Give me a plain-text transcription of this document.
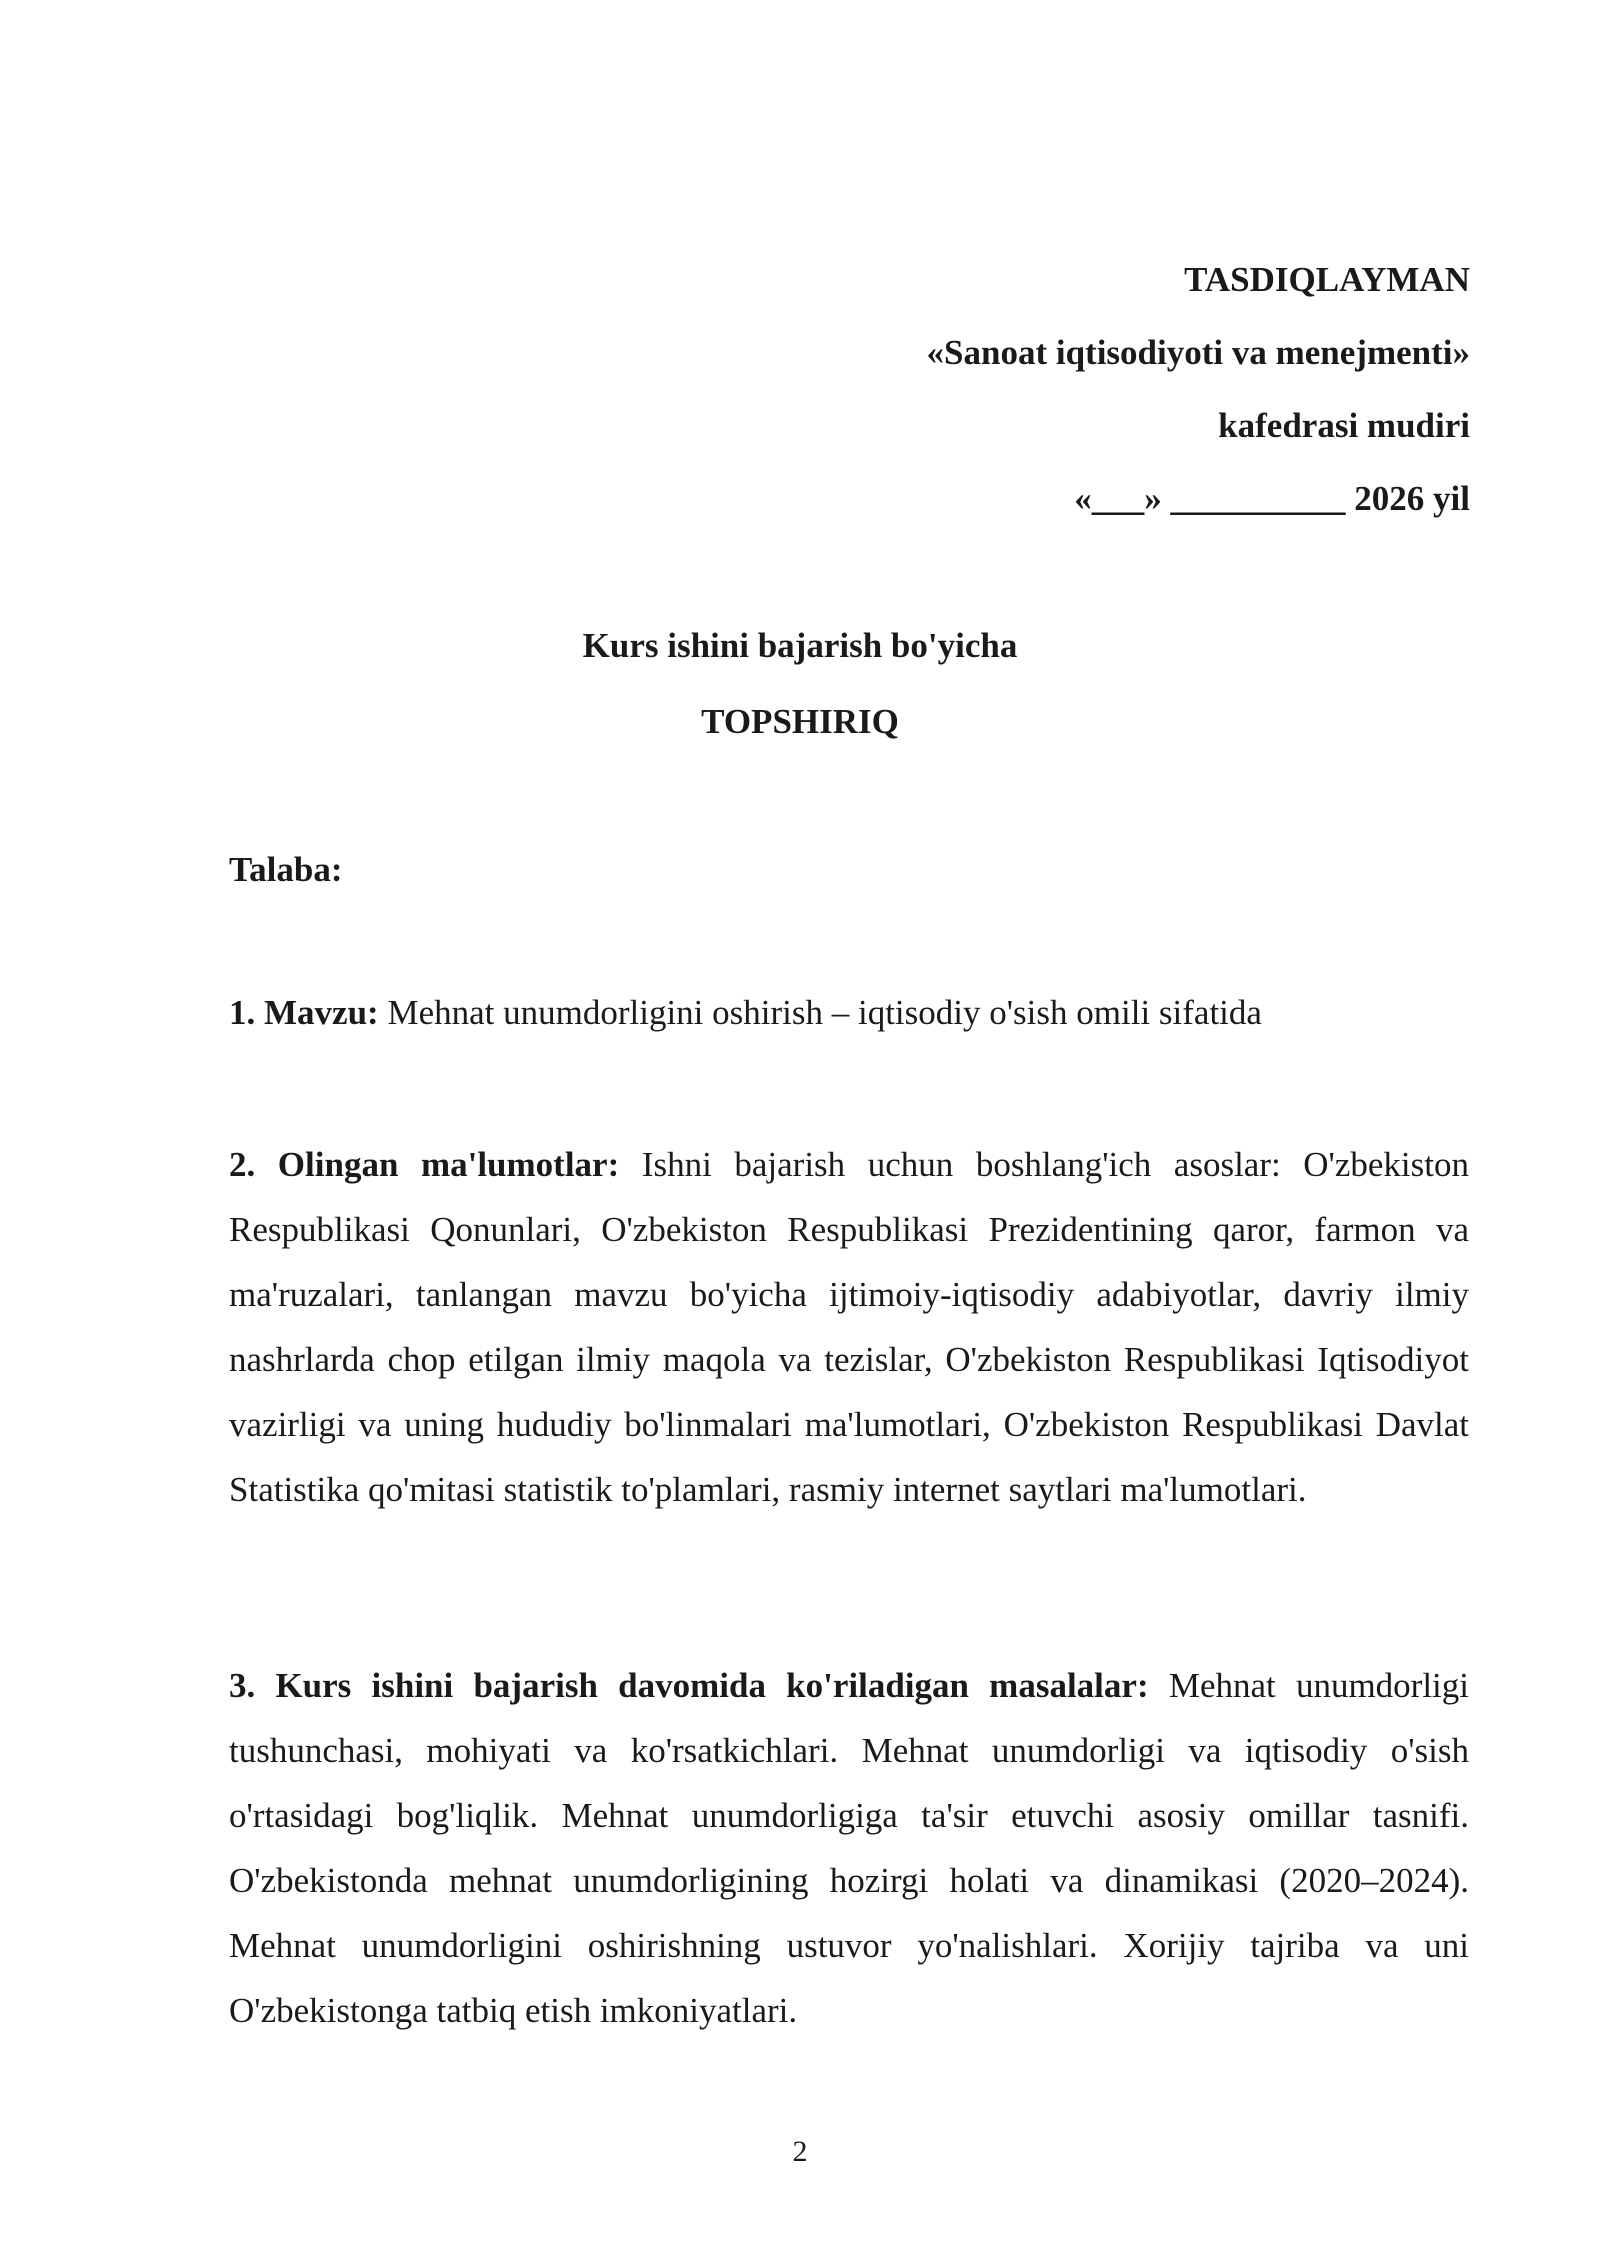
TASDIQLAYMAN
«Sanoat iqtisodiyoti va menejmenti»
kafedrasi mudiri
«___» __________ 2026 yil
Kurs ishini bajarish bo'yicha
TOPSHIRIQ
Talaba:
1. Mavzu: Mehnat unumdorligini oshirish – iqtisodiy o'sish omili sifatida
2. Olingan ma'lumotlar: Ishni bajarish uchun boshlang'ich asoslar: O'zbekiston Respublikasi Qonunlari, O'zbekiston Respublikasi Prezidentining qaror, farmon va ma'ruzalari, tanlangan mavzu bo'yicha ijtimoiy-iqtisodiy adabiyotlar, davriy ilmiy nashrlarda chop etilgan ilmiy maqola va tezislar, O'zbekiston Respublikasi Iqtisodiyot vazirligi va uning hududiy bo'linmalari ma'lumotlari, O'zbekiston Respublikasi Davlat Statistika qo'mitasi statistik to'plamlari, rasmiy internet saytlari ma'lumotlari.
3. Kurs ishini bajarish davomida ko'riladigan masalalar: Mehnat unumdorligi tushunchasi, mohiyati va ko'rsatkichlari. Mehnat unumdorligi va iqtisodiy o'sish o'rtasidagi bog'liqlik. Mehnat unumdorligiga ta'sir etuvchi asosiy omillar tasnifi. O'zbekistonda mehnat unumdorligining hozirgi holati va dinamikasi (2020–2024). Mehnat unumdorligini oshirishning ustuvor yo'nalishlari. Xorijiy tajriba va uni O'zbekistonga tatbiq etish imkoniyatlari.
2
